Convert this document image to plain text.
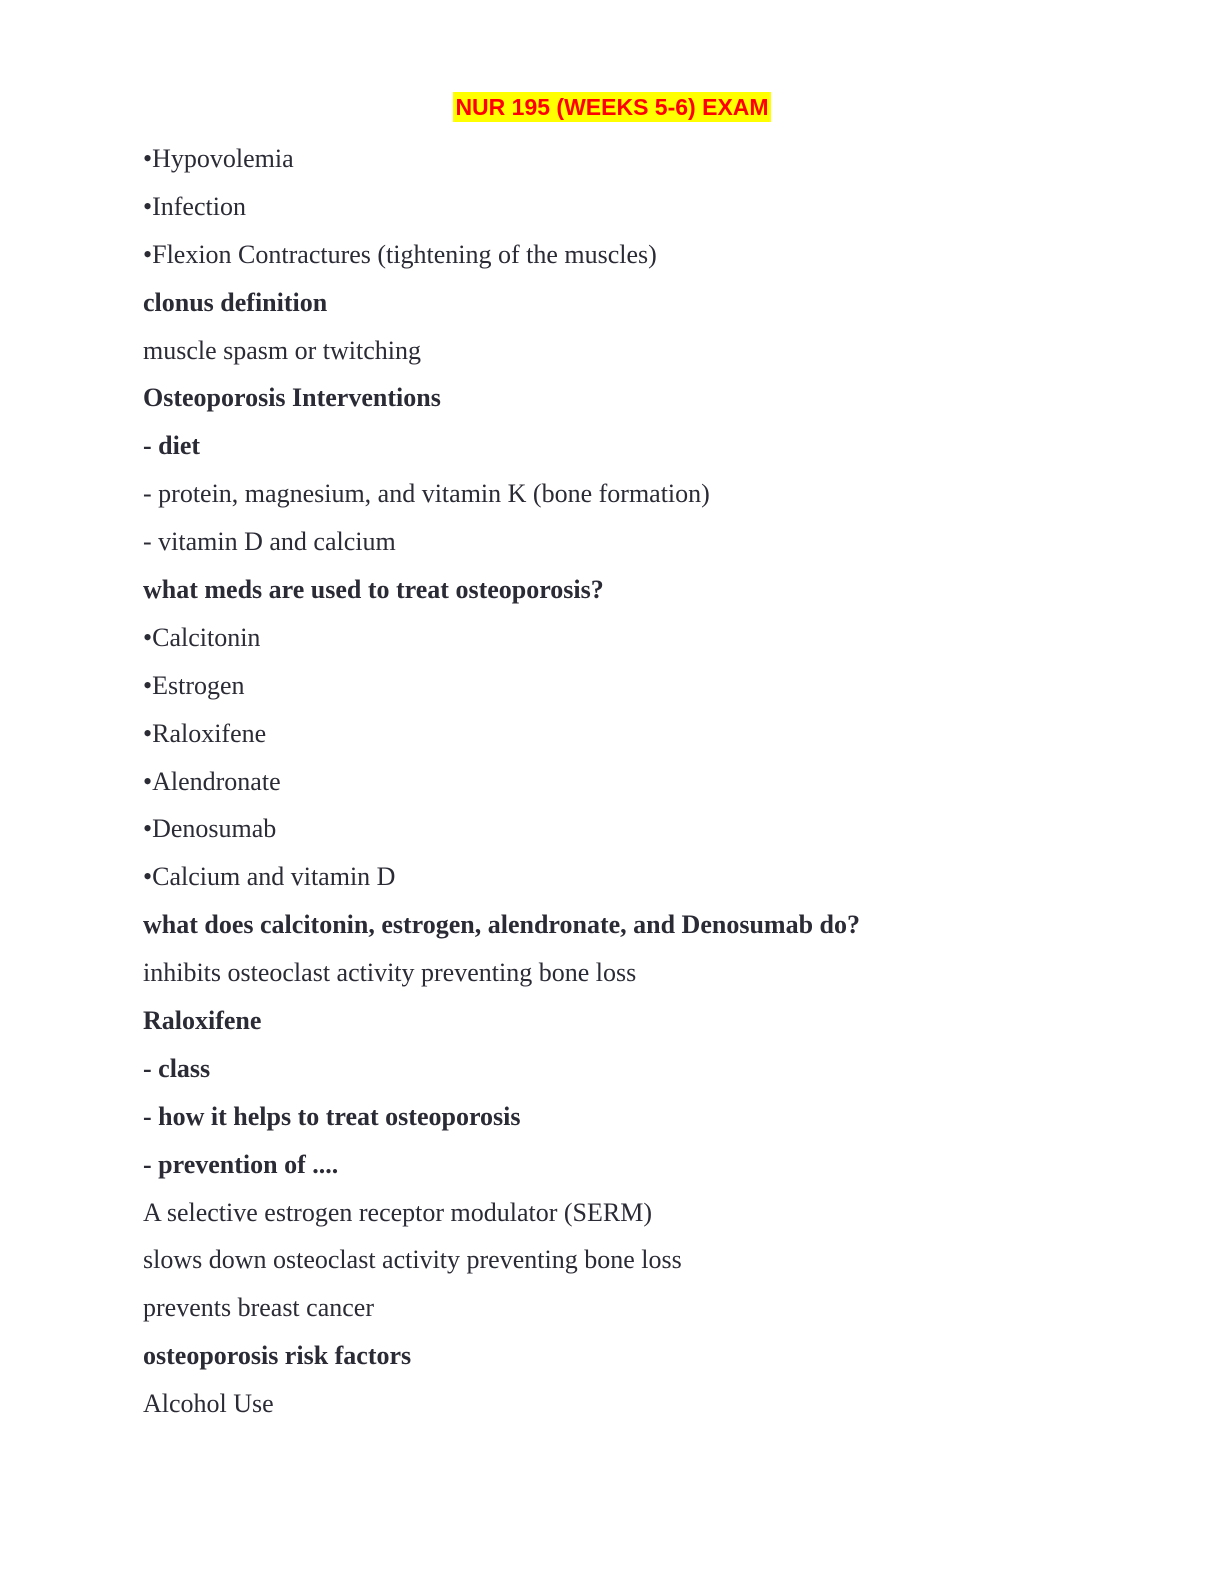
NUR 195 (WEEKS 5-6) EXAM
•Hypovolemia
•Infection
•Flexion Contractures (tightening of the muscles)
clonus definition
muscle spasm or twitching
Osteoporosis Interventions
- diet
- protein, magnesium, and vitamin K (bone formation)
- vitamin D and calcium
what meds are used to treat osteoporosis?
•Calcitonin
•Estrogen
•Raloxifene
•Alendronate
•Denosumab
•Calcium and vitamin D
what does calcitonin, estrogen, alendronate, and Denosumab do?
inhibits osteoclast activity preventing bone loss
Raloxifene
- class
- how it helps to treat osteoporosis
- prevention of ....
A selective estrogen receptor modulator (SERM)
slows down osteoclast activity preventing bone loss
prevents breast cancer
osteoporosis risk factors
Alcohol Use
